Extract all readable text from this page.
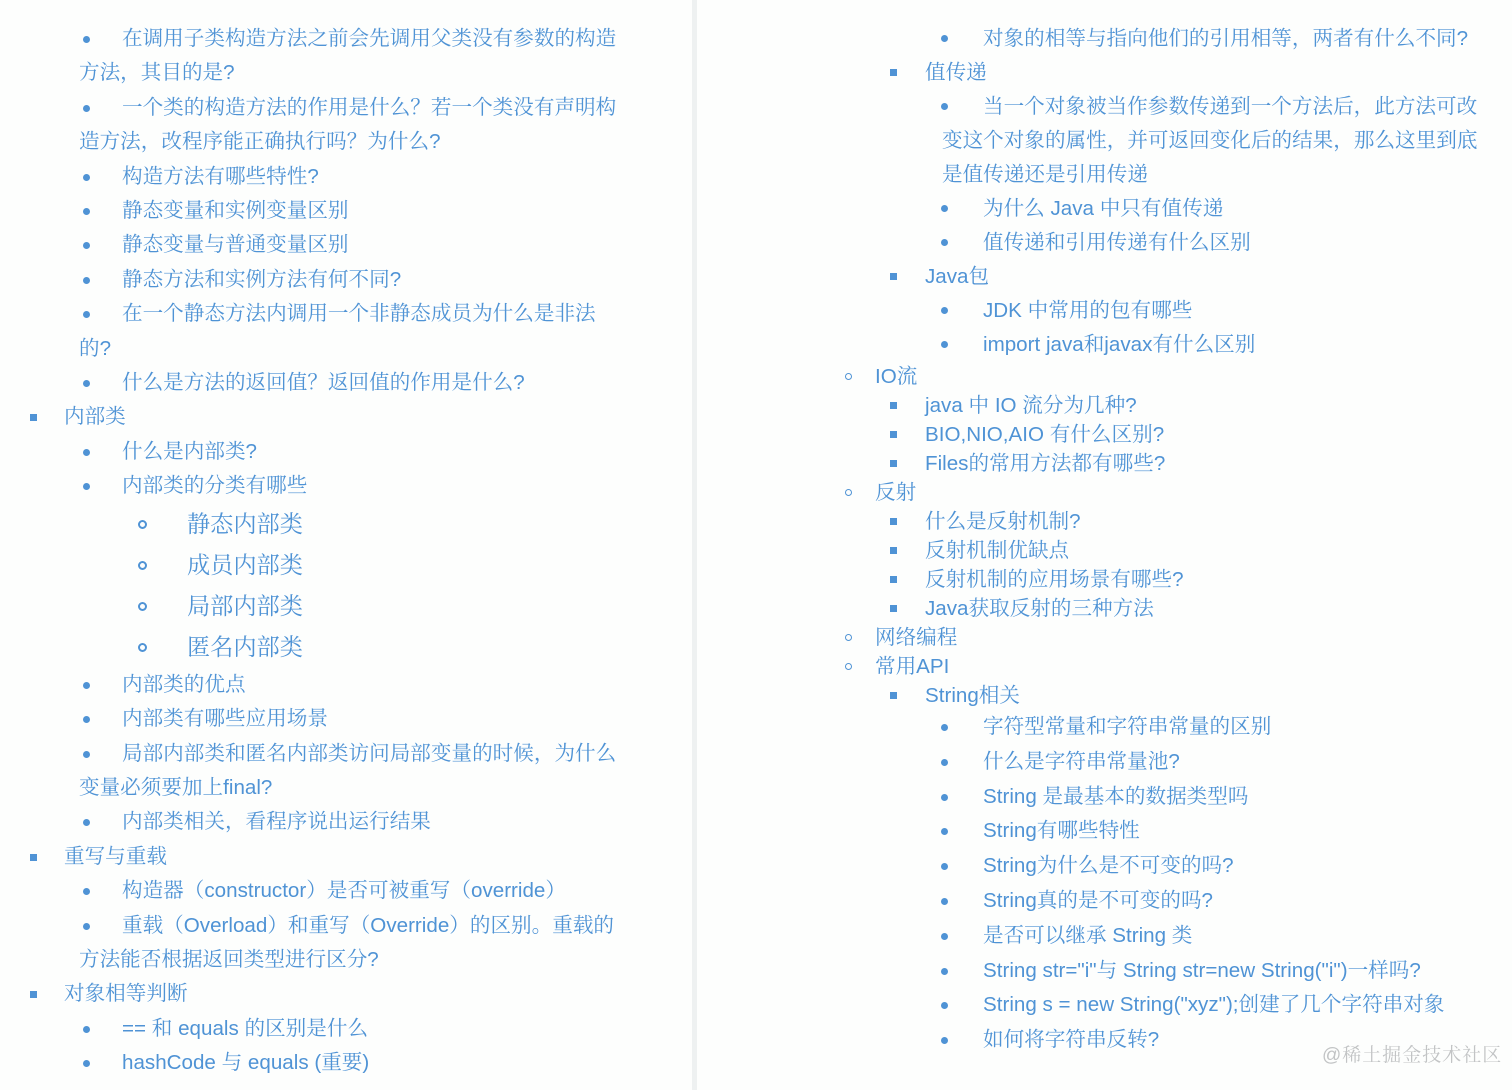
在调用子类构造方法之前会先调用父类没有参数的构造方法，其目的是?
一个类的构造方法的作用是什么？若一个类没有声明构造方法，改程序能正确执行吗？为什么?
构造方法有哪些特性?
静态变量和实例变量区别
静态变量与普通变量区别
静态方法和实例方法有何不同?
在一个静态方法内调用一个非静态成员为什么是非法的?
什么是方法的返回值？返回值的作用是什么?
内部类
什么是内部类?
内部类的分类有哪些
静态内部类
成员内部类
局部内部类
匿名内部类
内部类的优点
内部类有哪些应用场景
局部内部类和匿名内部类访问局部变量的时候，为什么变量必须要加上final?
内部类相关，看程序说出运行结果
重写与重载
构造器（constructor）是否可被重写（override）
重载（Overload）和重写（Override）的区别。重载的方法能否根据返回类型进行区分?
对象相等判断
== 和 equals 的区别是什么
hashCode 与 equals (重要)
对象的相等与指向他们的引用相等，两者有什么不同?
值传递
当一个对象被当作参数传递到一个方法后，此方法可改变这个对象的属性，并可返回变化后的结果，那么这里到底是值传递还是引用传递
为什么 Java 中只有值传递
值传递和引用传递有什么区别
Java包
JDK 中常用的包有哪些
import java和javax有什么区别
IO流
java 中 IO 流分为几种?
BIO,NIO,AIO 有什么区别?
Files的常用方法都有哪些?
反射
什么是反射机制?
反射机制优缺点
反射机制的应用场景有哪些?
Java获取反射的三种方法
网络编程
常用API
String相关
字符型常量和字符串常量的区别
什么是字符串常量池?
String 是最基本的数据类型吗
String有哪些特性
String为什么是不可变的吗?
String真的是不可变的吗?
是否可以继承 String 类
String str="i"与 String str=new String("i")一样吗?
String s = new String("xyz");创建了几个字符串对象
如何将字符串反转?
@稀土掘金技术社区
